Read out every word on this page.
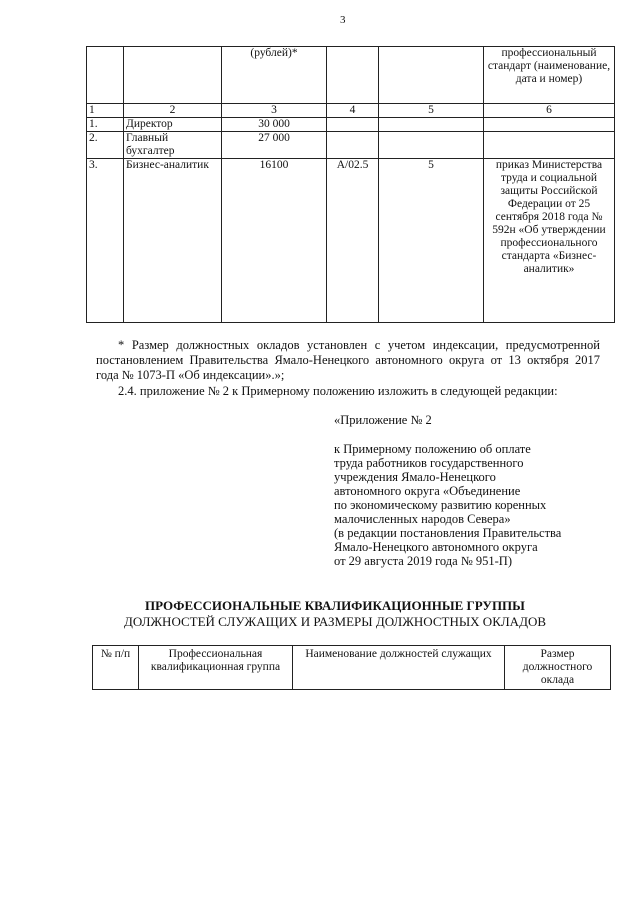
3
		(рублей)*			профессиональный стандарт (наименование, дата и номер)
1	2	3	4	5	6
1.	Директор	30 000			
2.	Главный бухгалтер	27 000			
3.	Бизнес-аналитик	16100	A/02.5	5	приказ Министерства труда и социальной защиты Российской Федерации от 25 сентября 2018 года № 592н «Об утверждении профессионального стандарта «Бизнес-аналитик»
* Размер должностных окладов установлен с учетом индексации, предусмотренной постановлением Правительства Ямало-Ненецкого автономного округа от 13 октября 2017 года № 1073-П «Об индексации».»;
2.4. приложение № 2 к Примерному положению изложить в следующей редакции:
«Приложение № 2
к Примерному положению об оплате
труда работников государственного
учреждения Ямало-Ненецкого
автономного округа «Объединение
по экономическому развитию коренных
малочисленных народов Севера»
(в редакции постановления Правительства
Ямало-Ненецкого автономного округа
от 29 августа 2019 года № 951-П)
ПРОФЕССИОНАЛЬНЫЕ КВАЛИФИКАЦИОННЫЕ ГРУППЫ
ДОЛЖНОСТЕЙ СЛУЖАЩИХ И РАЗМЕРЫ ДОЛЖНОСТНЫХ ОКЛАДОВ
№ п/п	Профессиональная квалификационная группа	Наименование должностей служащих	Размер должностного оклада
